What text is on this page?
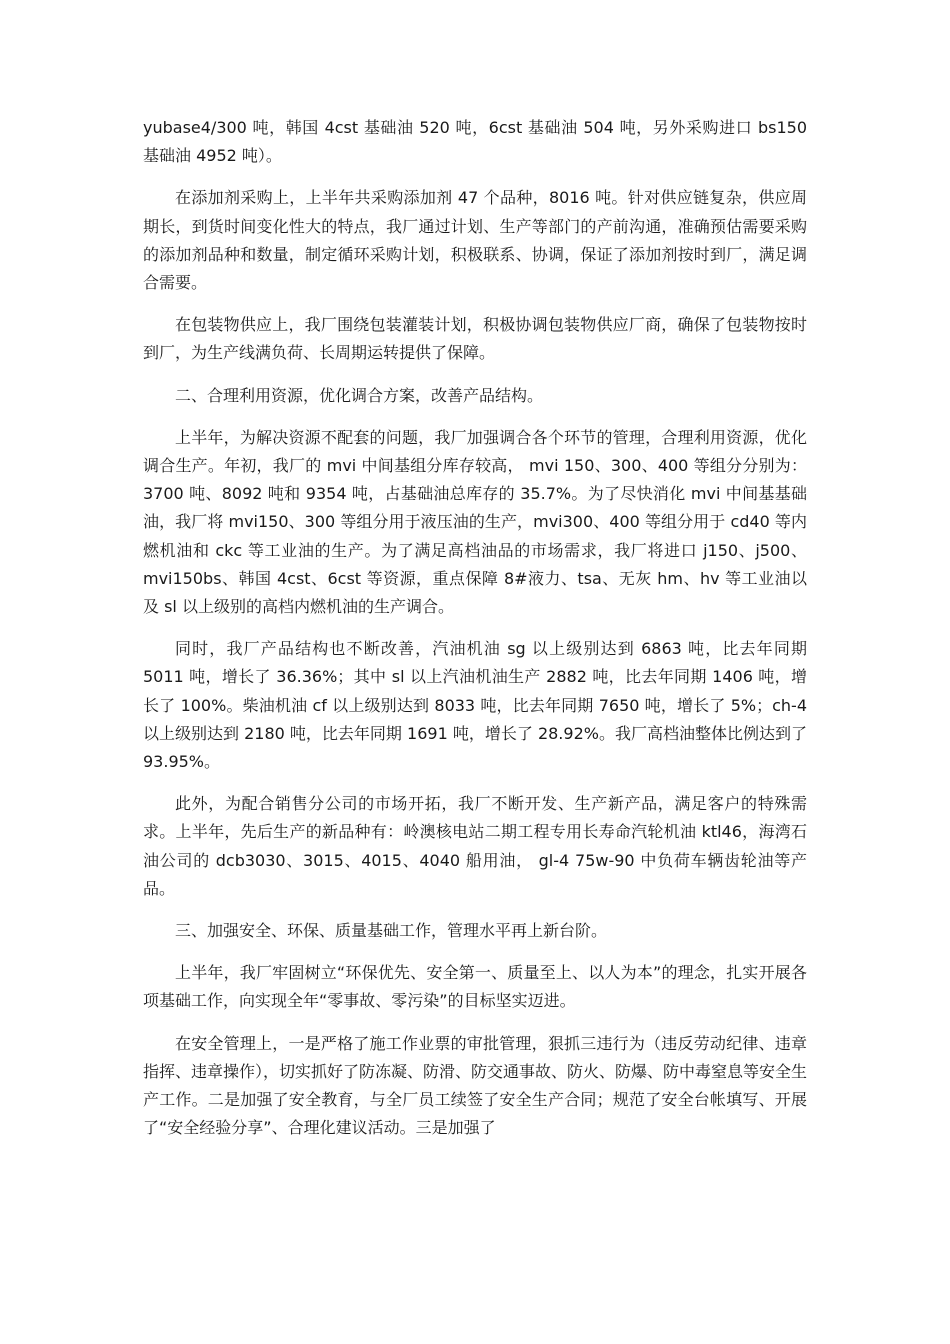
yubase4/300 吨，韩国 4cst 基础油 520 吨，6cst 基础油 504 吨，另外采购进口 bs150 基础油 4952 吨）。

在添加剂采购上，上半年共采购添加剂 47 个品种，8016 吨。针对供应链复杂，供应周期长，到货时间变化性大的特点，我厂通过计划、生产等部门的产前沟通，准确预估需要采购的添加剂品种和数量，制定循环采购计划，积极联系、协调，保证了添加剂按时到厂，满足调合需要。

在包装物供应上，我厂围绕包装灌装计划，积极协调包装物供应厂商，确保了包装物按时到厂，为生产线满负荷、长周期运转提供了保障。

二、合理利用资源，优化调合方案，改善产品结构。

上半年，为解决资源不配套的问题，我厂加强调合各个环节的管理，合理利用资源，优化调合生产。年初，我厂的 mvi 中间基组分库存较高， mvi 150、300、400 等组分分别为：3700 吨、8092 吨和 9354 吨，占基础油总库存的 35.7%。为了尽快消化 mvi 中间基基础油，我厂将 mvi150、300 等组分用于液压油的生产，mvi300、400 等组分用于 cd40 等内燃机油和 ckc 等工业油的生产。为了满足高档油品的市场需求，我厂将进口 j150、j500、mvi150bs、韩国 4cst、6cst 等资源，重点保障 8#液力、tsa、无灰 hm、hv 等工业油以及 sl 以上级别的高档内燃机油的生产调合。

同时，我厂产品结构也不断改善，汽油机油 sg 以上级别达到 6863 吨，比去年同期 5011 吨，增长了 36.36%；其中 sl 以上汽油机油生产 2882 吨，比去年同期 1406 吨，增长了 100%。柴油机油 cf 以上级别达到 8033 吨，比去年同期 7650 吨，增长了 5%；ch-4 以上级别达到 2180 吨，比去年同期 1691 吨，增长了 28.92%。我厂高档油整体比例达到了 93.95%。

此外，为配合销售分公司的市场开拓，我厂不断开发、生产新产品，满足客户的特殊需求。上半年，先后生产的新品种有：岭澳核电站二期工程专用长寿命汽轮机油 ktl46，海湾石油公司的 dcb3030、3015、4015、4040 船用油， gl-4 75w-90 中负荷车辆齿轮油等产品。

三、加强安全、环保、质量基础工作，管理水平再上新台阶。

上半年，我厂牢固树立“环保优先、安全第一、质量至上、以人为本”的理念，扎实开展各项基础工作，向实现全年“零事故、零污染”的目标坚实迈进。

在安全管理上，一是严格了施工作业票的审批管理，狠抓三违行为（违反劳动纪律、违章指挥、违章操作），切实抓好了防冻凝、防滑、防交通事故、防火、防爆、防中毒窒息等安全生产工作。二是加强了安全教育，与全厂员工续签了安全生产合同；规范了安全台帐填写、开展了“安全经验分享”、合理化建议活动。三是加强了
